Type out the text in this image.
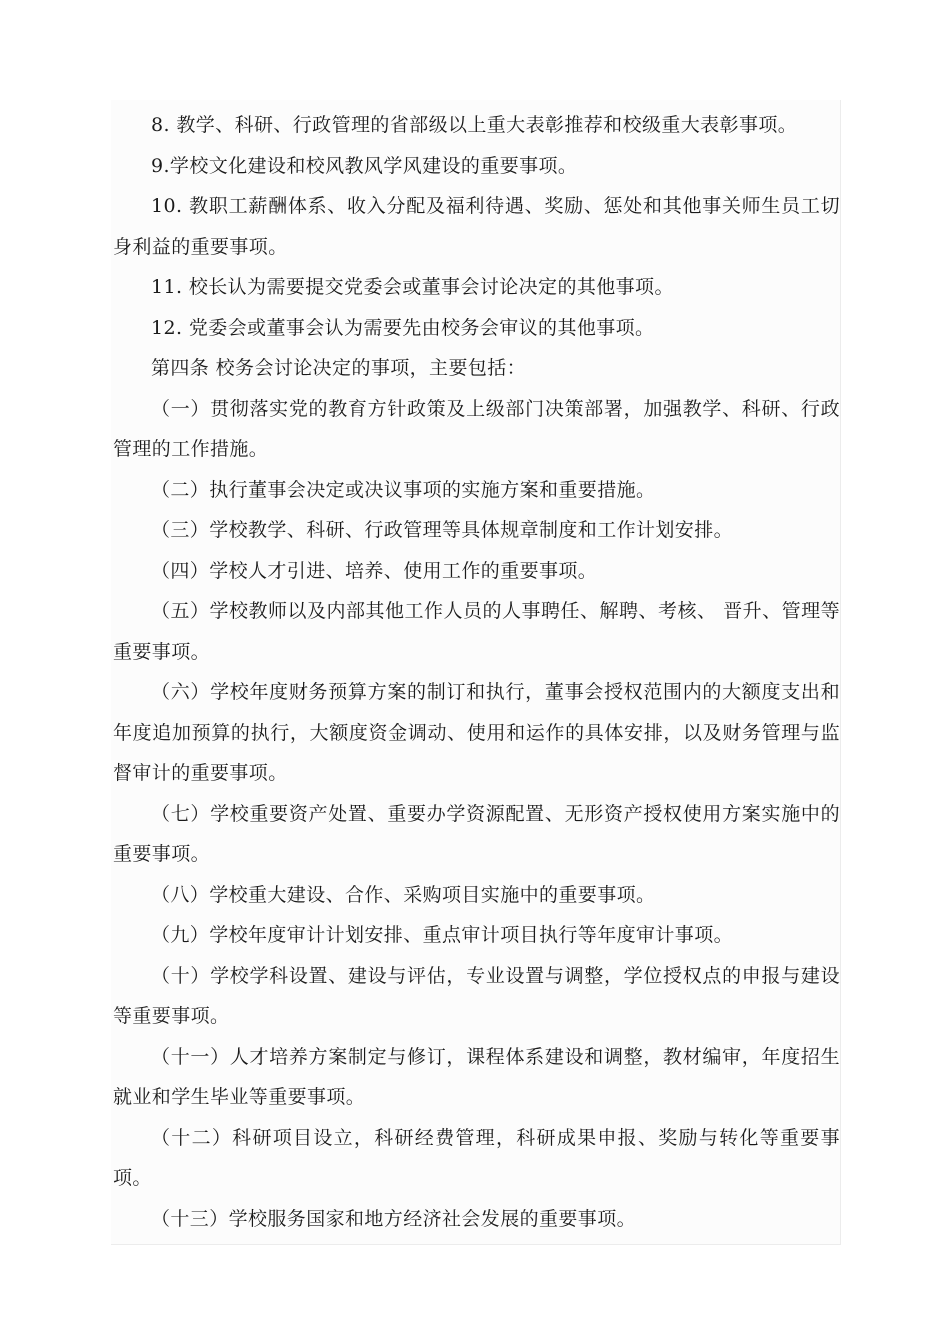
8. 教学、科研、行政管理的省部级以上重大表彰推荐和校级重大表彰事项。

9.学校文化建设和校风教风学风建设的重要事项。

10. 教职工薪酬体系、收入分配及福利待遇、奖励、惩处和其他事关师生员工切身利益的重要事项。

11. 校长认为需要提交党委会或董事会讨论决定的其他事项。

12. 党委会或董事会认为需要先由校务会审议的其他事项。

第四条 校务会讨论决定的事项，主要包括：

（一）贯彻落实党的教育方针政策及上级部门决策部署，加强教学、科研、行政管理的工作措施。

（二）执行董事会决定或决议事项的实施方案和重要措施。

（三）学校教学、科研、行政管理等具体规章制度和工作计划安排。

（四）学校人才引进、培养、使用工作的重要事项。

（五）学校教师以及内部其他工作人员的人事聘任、解聘、考核、 晋升、管理等重要事项。

（六）学校年度财务预算方案的制订和执行，董事会授权范围内的大额度支出和年度追加预算的执行，大额度资金调动、使用和运作的具体安排，以及财务管理与监督审计的重要事项。

（七）学校重要资产处置、重要办学资源配置、无形资产授权使用方案实施中的重要事项。

（八）学校重大建设、合作、采购项目实施中的重要事项。

（九）学校年度审计计划安排、重点审计项目执行等年度审计事项。

（十）学校学科设置、建设与评估，专业设置与调整，学位授权点的申报与建设等重要事项。

（十一）人才培养方案制定与修订，课程体系建设和调整，教材编审，年度招生就业和学生毕业等重要事项。

（十二）科研项目设立，科研经费管理，科研成果申报、奖励与转化等重要事项。

（十三）学校服务国家和地方经济社会发展的重要事项。
